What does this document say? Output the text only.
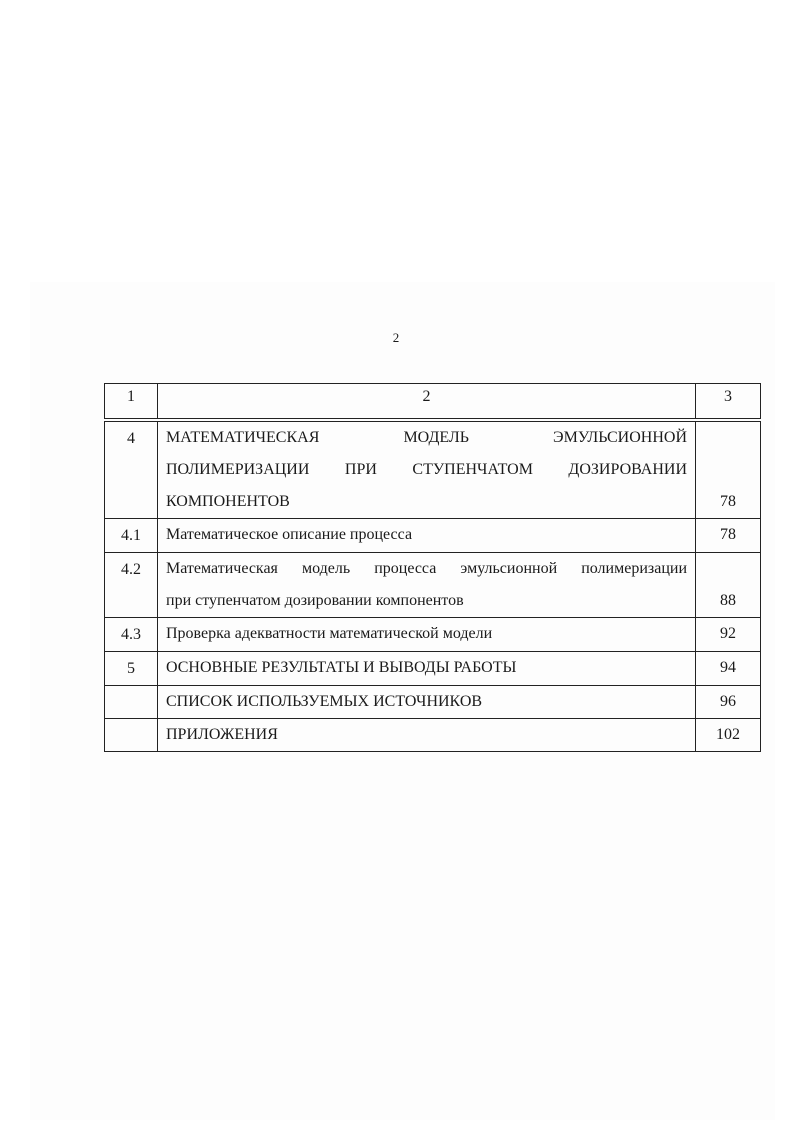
2
1	2	3
4	МАТЕМАТИЧЕСКАЯ МОДЕЛЬ ЭМУЛЬСИОННОЙ
ПОЛИМЕРИЗАЦИИ ПРИ СТУПЕНЧАТОМ ДОЗИРОВАНИИ
КОМПОНЕНТОВ	78
4.1	Математическое описание процесса	78
4.2	Математическая модель процесса эмульсионной полимеризации
при ступенчатом дозировании компонентов	88
4.3	Проверка адекватности математической модели	92
5	ОСНОВНЫЕ РЕЗУЛЬТАТЫ И ВЫВОДЫ РАБОТЫ	94
	СПИСОК ИСПОЛЬЗУЕМЫХ ИСТОЧНИКОВ	96
	ПРИЛОЖЕНИЯ	102
